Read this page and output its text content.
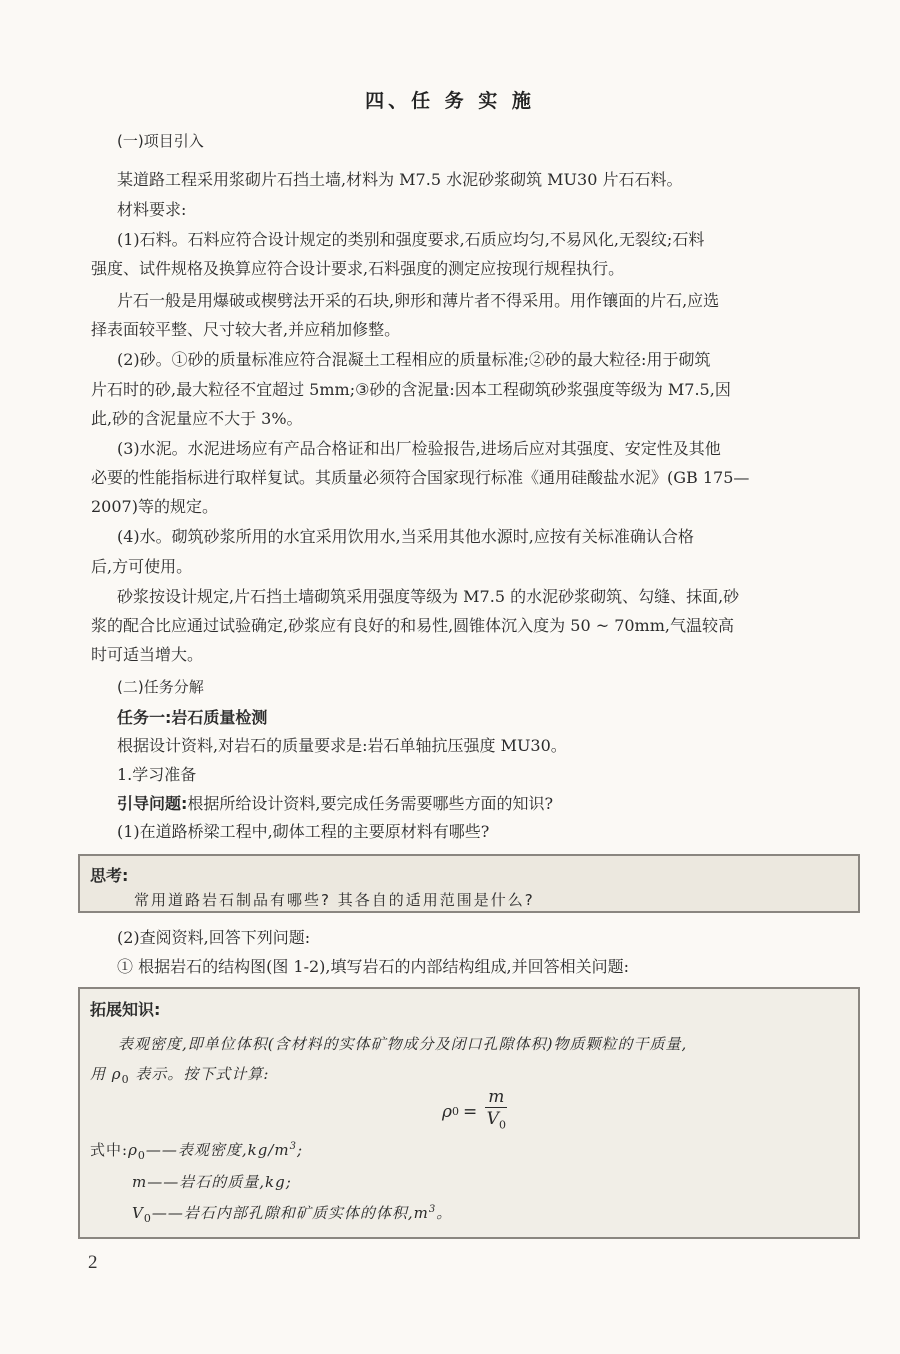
四、任 务 实 施
(一)项目引入
某道路工程采用浆砌片石挡土墙,材料为 M7.5 水泥砂浆砌筑 MU30 片石石料。
材料要求:
(1)石料。石料应符合设计规定的类别和强度要求,石质应均匀,不易风化,无裂纹;石料
强度、试件规格及换算应符合设计要求,石料强度的测定应按现行规程执行。
片石一般是用爆破或楔劈法开采的石块,卵形和薄片者不得采用。用作镶面的片石,应选
择表面较平整、尺寸较大者,并应稍加修整。
(2)砂。①砂的质量标准应符合混凝土工程相应的质量标准;②砂的最大粒径:用于砌筑
片石时的砂,最大粒径不宜超过 5mm;③砂的含泥量:因本工程砌筑砂浆强度等级为 M7.5,因
此,砂的含泥量应不大于 3%。
(3)水泥。水泥进场应有产品合格证和出厂检验报告,进场后应对其强度、安定性及其他
必要的性能指标进行取样复试。其质量必须符合国家现行标准《通用硅酸盐水泥》(GB 175—
2007)等的规定。
(4)水。砌筑砂浆所用的水宜采用饮用水,当采用其他水源时,应按有关标准确认合格
后,方可使用。
砂浆按设计规定,片石挡土墙砌筑采用强度等级为 M7.5 的水泥砂浆砌筑、勾缝、抹面,砂
浆的配合比应通过试验确定,砂浆应有良好的和易性,圆锥体沉入度为 50 ~ 70mm,气温较高
时可适当增大。
(二)任务分解
任务一:岩石质量检测
根据设计资料,对岩石的质量要求是:岩石单轴抗压强度 MU30。
1.学习准备
引导问题:根据所给设计资料,要完成任务需要哪些方面的知识?
(1)在道路桥梁工程中,砌体工程的主要原材料有哪些?
思考:
常用道路岩石制品有哪些? 其各自的适用范围是什么?
(2)查阅资料,回答下列问题:
① 根据岩石的结构图(图 1-2),填写岩石的内部结构组成,并回答相关问题:
拓展知识:
表观密度,即单位体积(含材料的实体矿物成分及闭口孔隙体积)物质颗粒的干质量,
用 $\rho_0$ 表示。按下式计算:
ρ $0 = \frac{m}{V_0}$
式中$:\rho_0——$表观密度$,kg/m^3$;
m——岩石的质量,kg;
$V_0——$岩石内部孔隙和矿质实体的体积$,m^3$。
2
